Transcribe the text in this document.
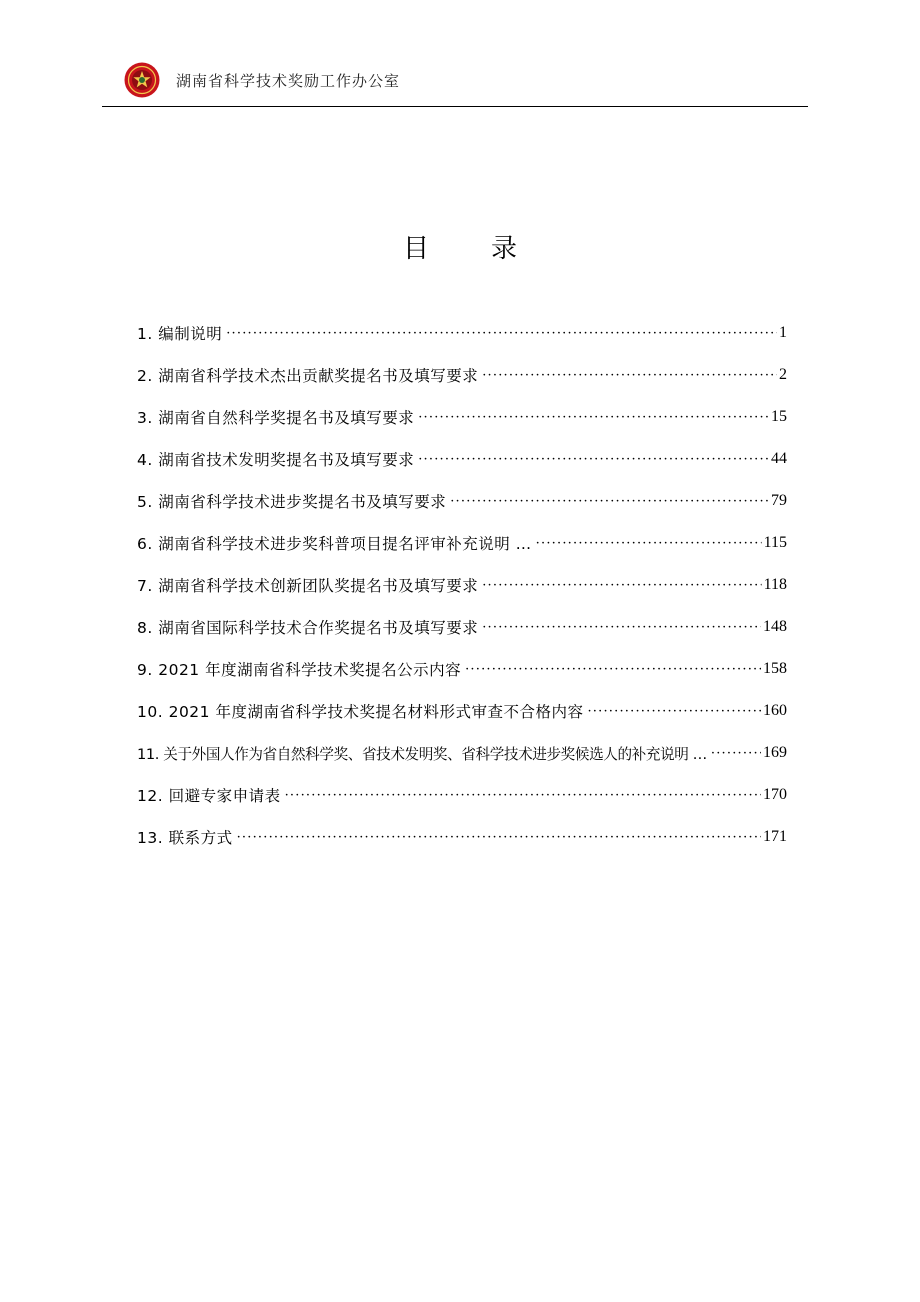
湖南省科学技术奖励工作办公室
目 录
1. 编制说明 ·····	1
2. 湖南省科学技术杰出贡献奖提名书及填写要求 ·····	2
3. 湖南省自然科学奖提名书及填写要求 ·····	15
4. 湖南省技术发明奖提名书及填写要求 ·····	44
5. 湖南省科学技术进步奖提名书及填写要求 ·····	79
6. 湖南省科学技术进步奖科普项目提名评审补充说明 … ·····	115
7. 湖南省科学技术创新团队奖提名书及填写要求 ·····	118
8. 湖南省国际科学技术合作奖提名书及填写要求 ·····	148
9. 2021 年度湖南省科学技术奖提名公示内容 ·····	158
10. 2021 年度湖南省科学技术奖提名材料形式审查不合格内容 ·····	160
11. 关于外国人作为省自然科学奖、省技术发明奖、省科学技术进步奖候选人的补充说明 … ·····	169
12. 回避专家申请表 ·····	170
13. 联系方式 ·····	171
